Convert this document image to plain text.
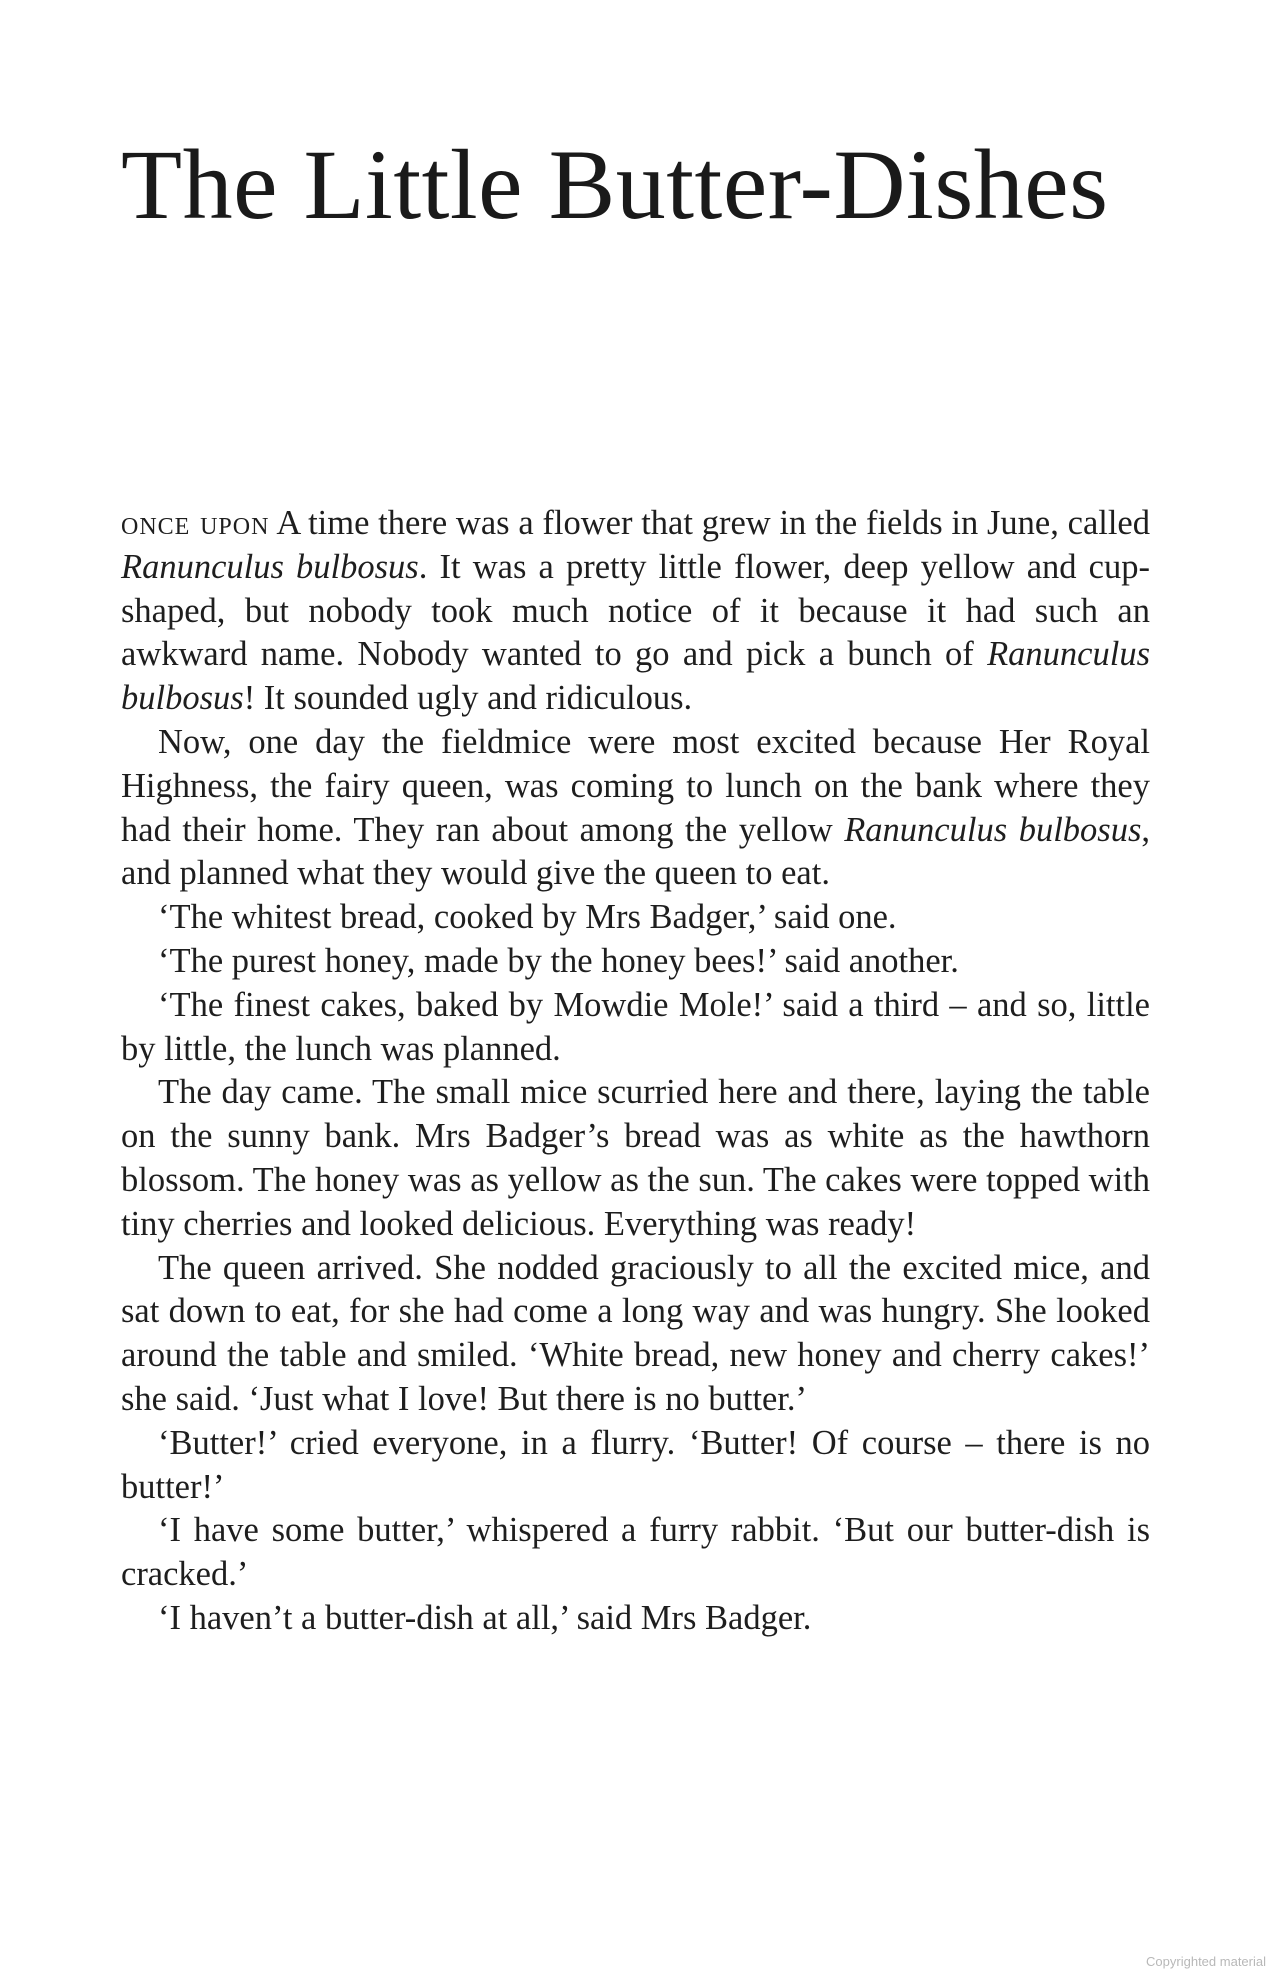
The Little Butter-Dishes

once upon A time there was a flower that grew in the fields in June, called Ranunculus bulbosus. It was a pretty little flower, deep yellow and cup-shaped, but nobody took much notice of it because it had such an awkward name. Nobody wanted to go and pick a bunch of Ranunculus bulbosus! It sounded ugly and ridiculous.

Now, one day the fieldmice were most excited because Her Royal Highness, the fairy queen, was coming to lunch on the bank where they had their home. They ran about among the yellow Ranunculus bulbosus, and planned what they would give the queen to eat.

‘The whitest bread, cooked by Mrs Badger,’ said one.

‘The purest honey, made by the honey bees!’ said another.

‘The finest cakes, baked by Mowdie Mole!’ said a third – and so, little by little, the lunch was planned.

The day came. The small mice scurried here and there, laying the table on the sunny bank. Mrs Badger’s bread was as white as the hawthorn blossom. The honey was as yellow as the sun. The cakes were topped with tiny cherries and looked delicious. Everything was ready!

The queen arrived. She nodded graciously to all the excited mice, and sat down to eat, for she had come a long way and was hungry. She looked around the table and smiled. ‘White bread, new honey and cherry cakes!’ she said. ‘Just what I love! But there is no butter.’

‘Butter!’ cried everyone, in a flurry. ‘Butter! Of course – there is no butter!’

‘I have some butter,’ whispered a furry rabbit. ‘But our butter-dish is cracked.’

‘I haven’t a butter-dish at all,’ said Mrs Badger.

Copyrighted material
